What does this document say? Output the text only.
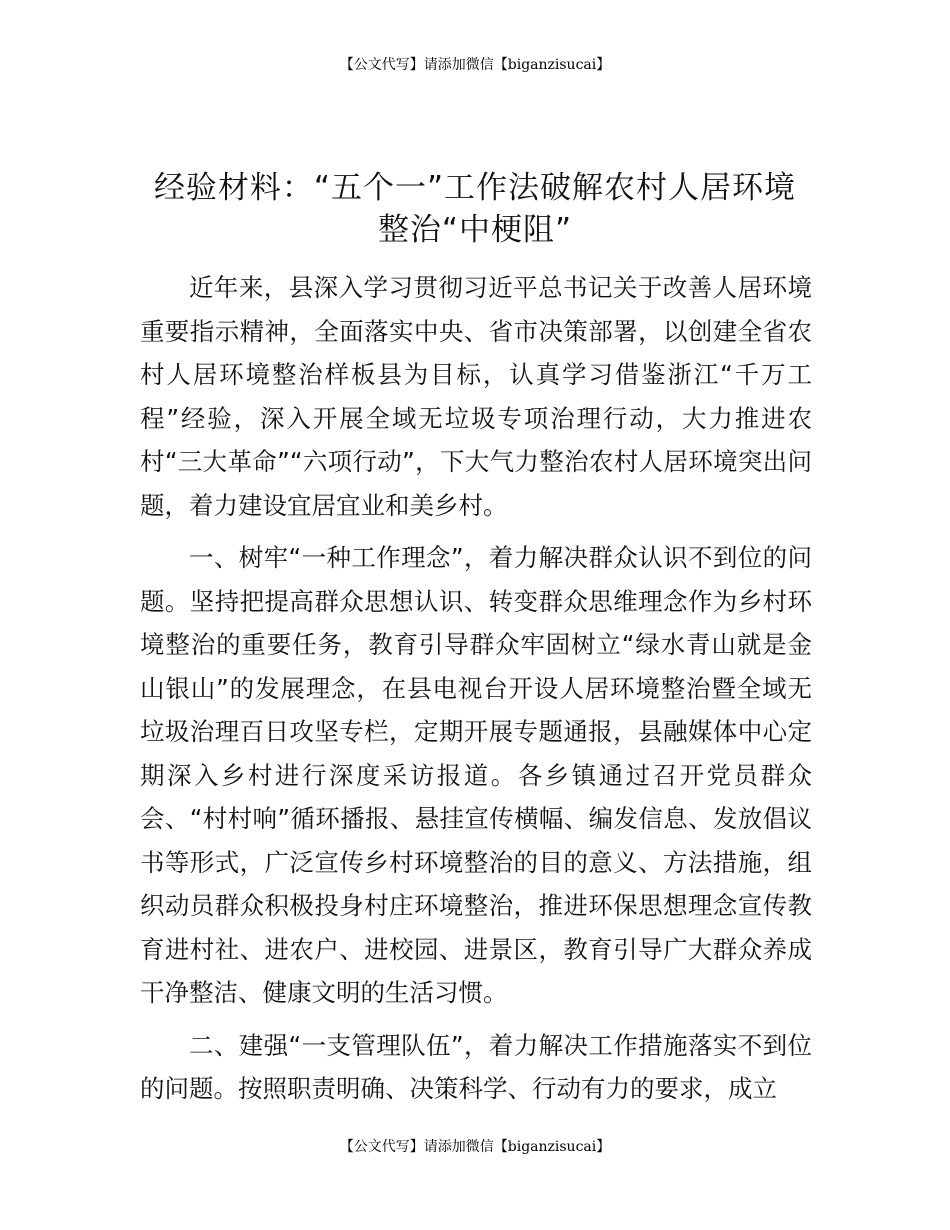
【公文代写】请添加微信【biganzisucai】
经验材料：“五个一”工作法破解农村人居环境整治“中梗阻”

近年来，县深入学习贯彻习近平总书记关于改善人居环境重要指示精神，全面落实中央、省市决策部署，以创建全省农村人居环境整治样板县为目标，认真学习借鉴浙江“千万工程”经验，深入开展全域无垃圾专项治理行动，大力推进农村“三大革命”“六项行动”，下大气力整治农村人居环境突出问题，着力建设宜居宜业和美乡村。

一、树牢“一种工作理念”，着力解决群众认识不到位的问题。坚持把提高群众思想认识、转变群众思维理念作为乡村环境整治的重要任务，教育引导群众牢固树立“绿水青山就是金山银山”的发展理念，在县电视台开设人居环境整治暨全域无垃圾治理百日攻坚专栏，定期开展专题通报，县融媒体中心定期深入乡村进行深度采访报道。各乡镇通过召开党员群众会、“村村响”循环播报、悬挂宣传横幅、编发信息、发放倡议书等形式，广泛宣传乡村环境整治的目的意义、方法措施，组织动员群众积极投身村庄环境整治，推进环保思想理念宣传教育进村社、进农户、进校园、进景区，教育引导广大群众养成干净整洁、健康文明的生活习惯。

二、建强“一支管理队伍”，着力解决工作措施落实不到位的问题。按照职责明确、决策科学、行动有力的要求，成立

【公文代写】请添加微信【biganzisucai】
